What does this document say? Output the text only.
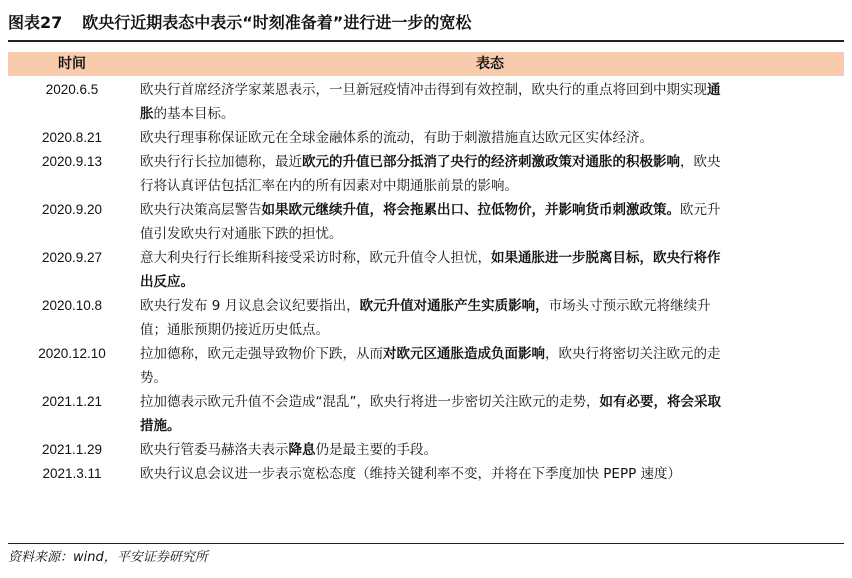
图表27 欧央行近期表态中表示“时刻准备着”进行进一步的宽松
时间	表态
2020.6.5	欧央行首席经济学家莱恩表示，一旦新冠疫情冲击得到有效控制，欧央行的重点将回到中期实现通
胀的基本目标。
2020.8.21	欧央行理事称保证欧元在全球金融体系的流动，有助于刺激措施直达欧元区实体经济。
2020.9.13	欧央行行长拉加德称，最近欧元的升值已部分抵消了央行的经济刺激政策对通胀的积极影响，欧央
行将认真评估包括汇率在内的所有因素对中期通胀前景的影响。
2020.9.20	欧央行决策高层警告如果欧元继续升值，将会拖累出口、拉低物价，并影响货币刺激政策。欧元升
值引发欧央行对通胀下跌的担忧。
2020.9.27	意大利央行行长维斯科接受采访时称，欧元升值令人担忧，如果通胀进一步脱离目标，欧央行将作
出反应。
2020.10.8	欧央行发布 9 月议息会议纪要指出，欧元升值对通胀产生实质影响，市场头寸预示欧元将继续升
值；通胀预期仍接近历史低点。
2020.12.10	拉加德称，欧元走强导致物价下跌，从而对欧元区通胀造成负面影响，欧央行将密切关注欧元的走
势。
2021.1.21	拉加德表示欧元升值不会造成“混乱”，欧央行将进一步密切关注欧元的走势，如有必要，将会采取
措施。
2021.1.29	欧央行管委马赫洛夫表示降息仍是最主要的手段。
2021.3.11	欧央行议息会议进一步表示宽松态度（维持关键利率不变，并将在下季度加快 PEPP 速度）
资料来源：wind，平安证券研究所
